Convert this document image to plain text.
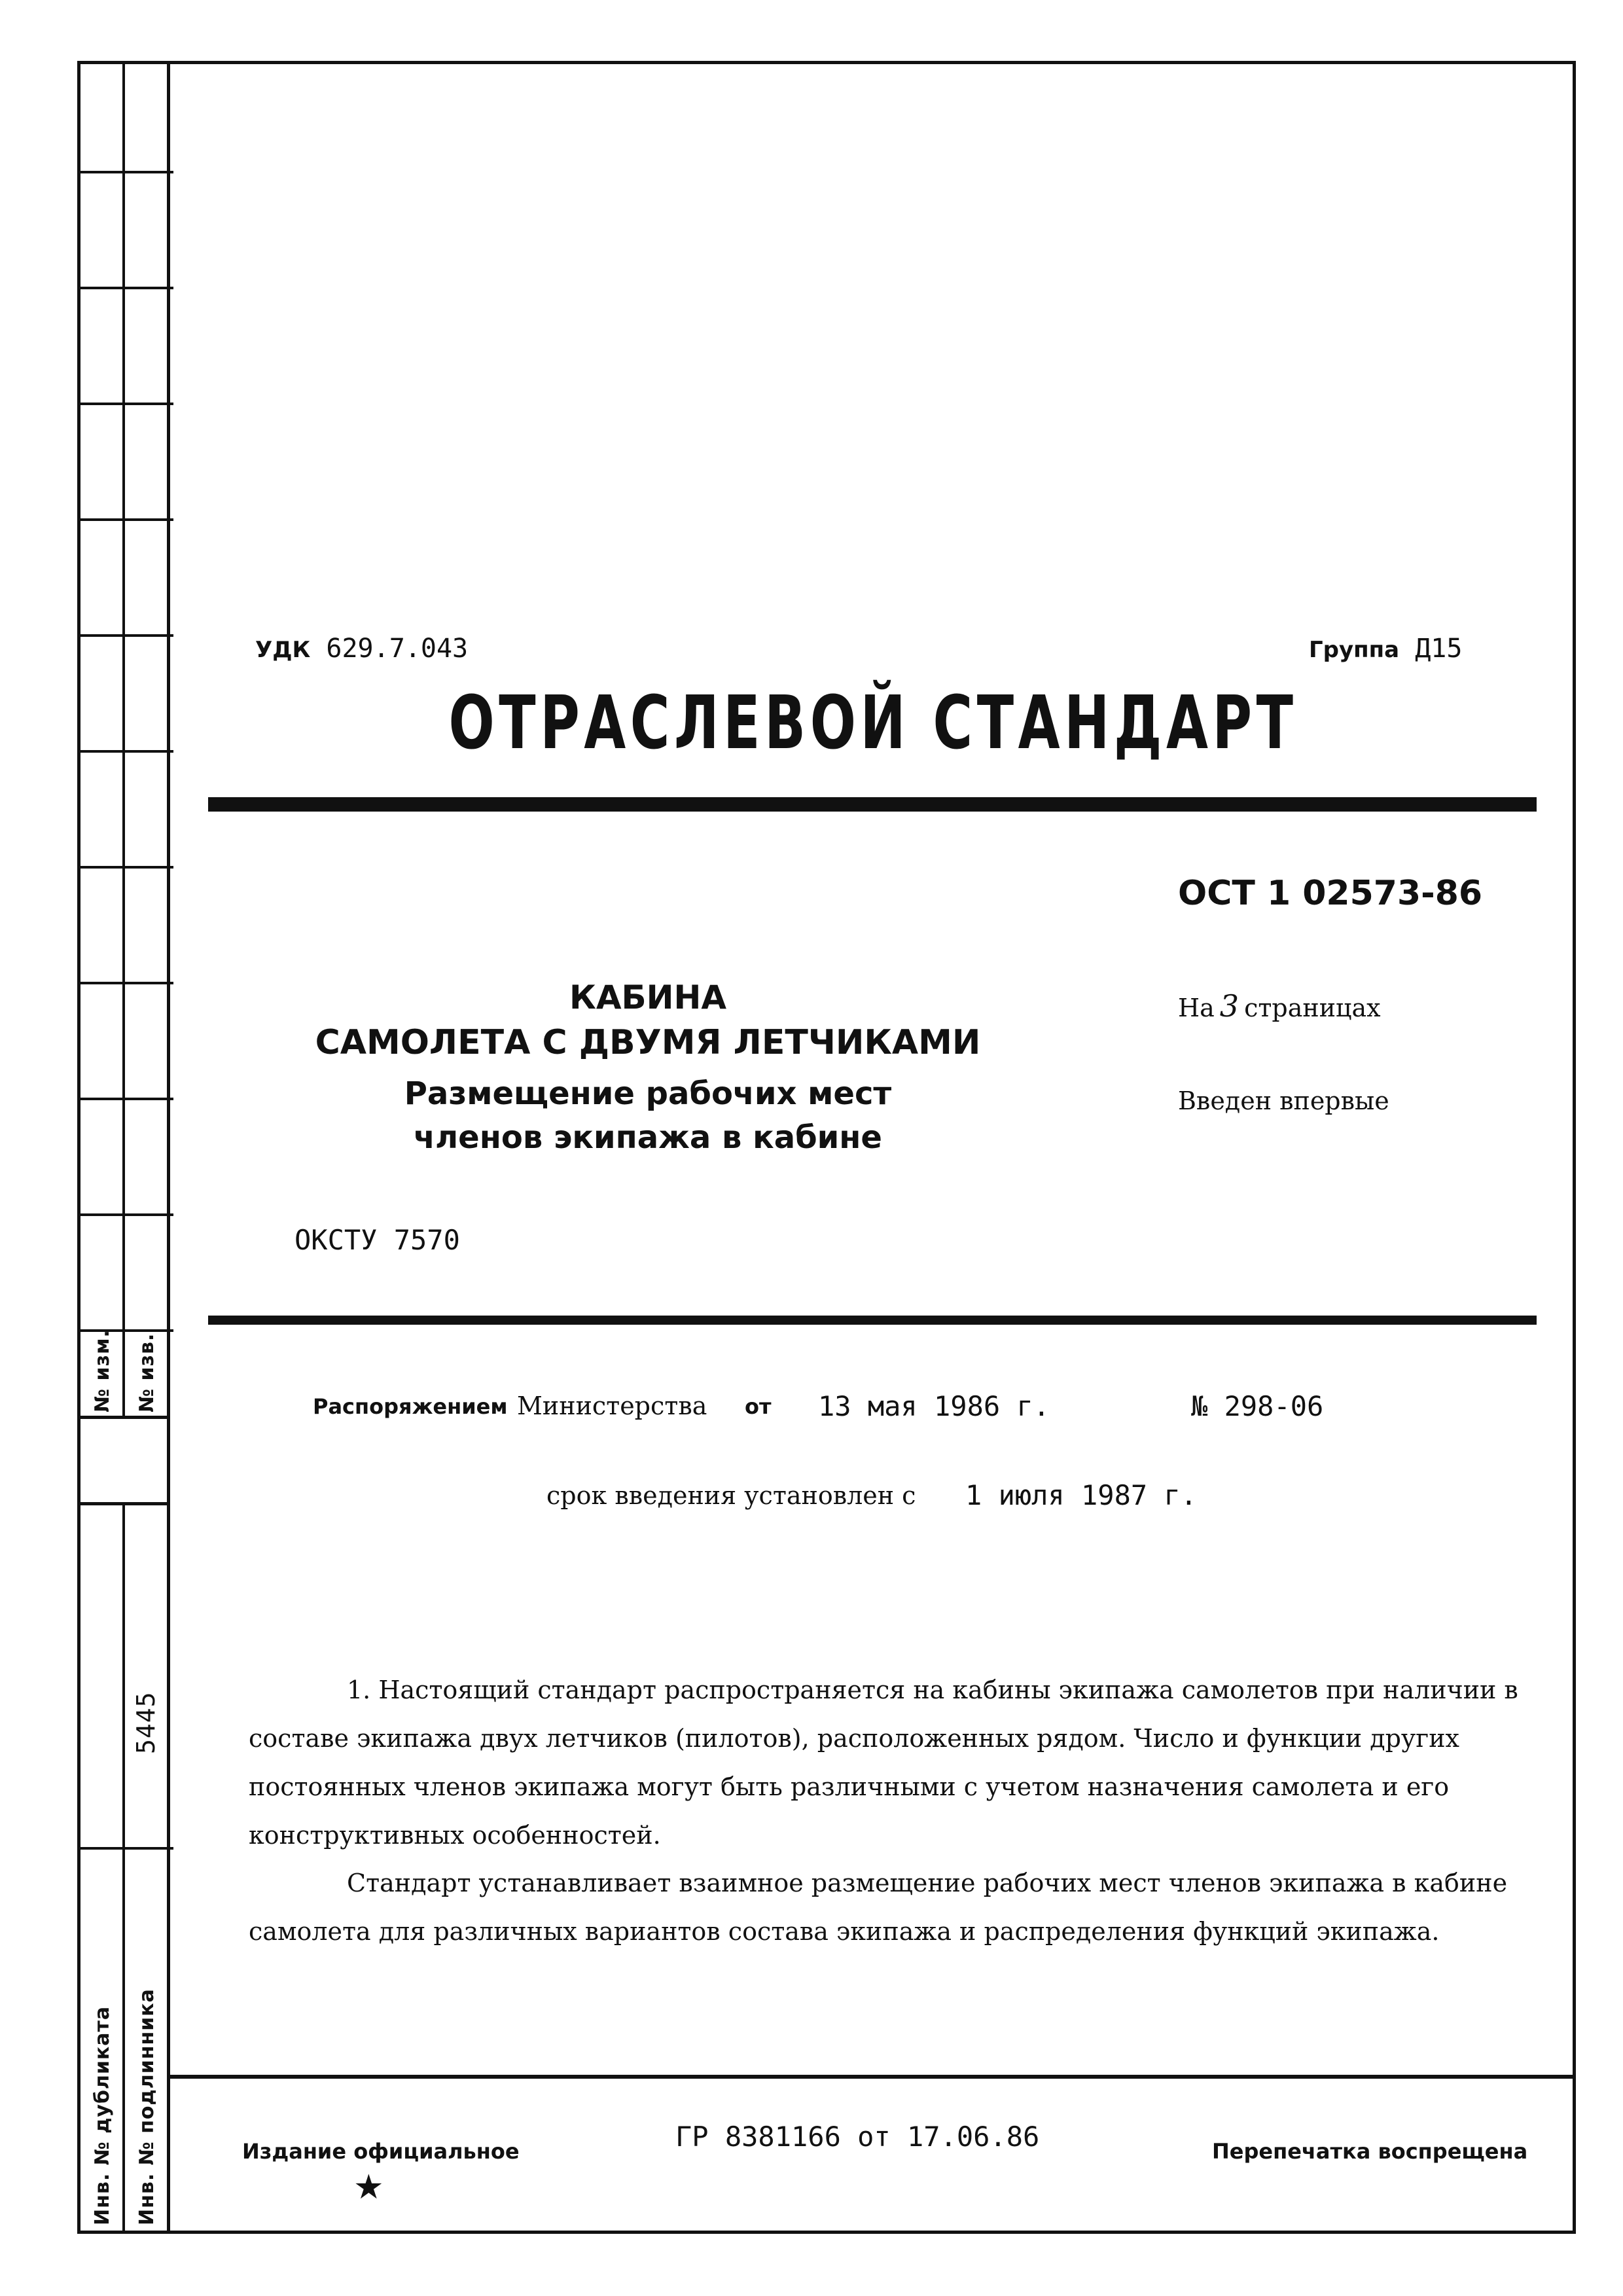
№ изм. № изв.
5445
Инв. № дубликата Инв. № подлинника
УДК 629.7.043	Группа Д15
ОТРАСЛЕВОЙ СТАНДАРТ
ОСТ 1 02573-86
На 3 страницах
Введен впервые
КАБИНА
САМОЛЕТА С ДВУМЯ ЛЕТЧИКАМИ
Размещение рабочих мест
членов экипажа в кабине
ОКСТУ 7570
Распоряжением Министерства от 13 мая 1986 г.	№ 298-06
срок введения установлен с 1 июля 1987 г.
1. Настоящий стандарт распространяется на кабины экипажа самолетов при наличии в составе экипажа двух летчиков (пилотов), расположенных рядом. Число и функции других постоянных членов экипажа могут быть различными с учетом назначения самолета и его конструктивных особенностей.
Стандарт устанавливает взаимное размещение рабочих мест членов экипажа в кабине самолета для различных вариантов состава экипажа и распределения функций экипажа.
Издание официальное
★
ГР 8381166 от 17.06.86	Перепечатка воспрещена
